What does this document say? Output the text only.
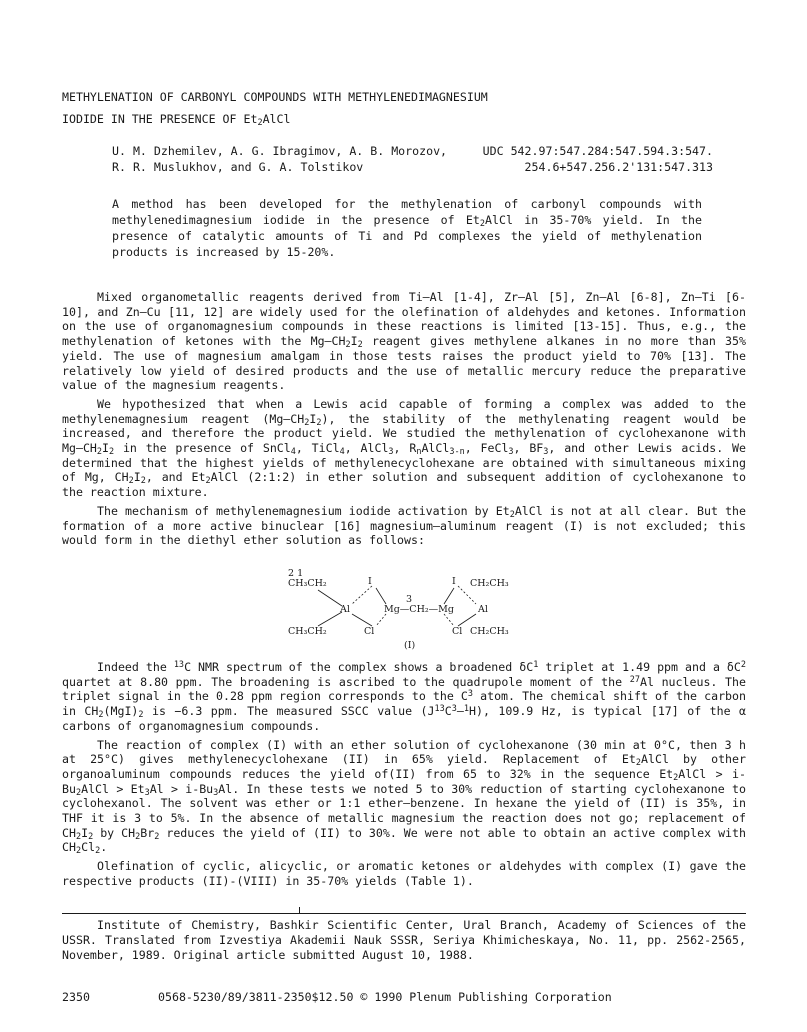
METHYLENATION OF CARBONYL COMPOUNDS WITH METHYLENEDIMAGNESIUM
IODIDE IN THE PRESENCE OF $Et_2AlCl$
U. M. Dzhemilev, A. G. Ibragimov, A. B. Morozov,
R. R. Muslukhov, and G. A. Tolstikov
UDC 542.97:547.284:547.594.3:547.
254.6+547.256.2'131:547.313
A method has been developed for the methylenation of carbonyl compounds with methylenedimagnesium iodide in the presence of $Et_2AlCl$ in 35-70% yield. In the presence of catalytic amounts of Ti and Pd complexes the yield of methylenation products is increased by 15-20%.

Mixed organometallic reagents derived from Ti–Al [1-4], Zr–Al [5], Zn–Al [6-8], Zn–Ti [6-10], and Zn–Cu [11, 12] are widely used for the olefination of aldehydes and ketones. Information on the use of organomagnesium compounds in these reactions is limited [13-15]. Thus, e.g., the methylenation of ketones with the $Mg-CH_2I_2$ reagent gives methylene alkanes in no more than 35% yield. The use of magnesium amalgam in those tests raises the product yield to 70% [13]. The relatively low yield of desired products and the use of metallic mercury reduce the preparative value of the magnesium reagents.

We hypothesized that when a Lewis acid capable of forming a complex was added to the methylenemagnesium reagent $(Mg-CH_2I_2)$, the stability of the methylenating reagent would be increased, and therefore the product yield. We studied the methylenation of cyclohexanone with $Mg-CH_2I_2$ in the presence of SnCl$_4$, TiCl$_4$, AlCl$_3$, $R_nAlCl_{3-n}$, FeCl$_3$, $BF_3$, and other Lewis acids. We determined that the highest yields of methylenecyclohexane are obtained with simultaneous mixing of Mg, $CH_2I_2$, and $Et_2AlCl$ (2:1:2) in ether solution and subsequent addition of cyclohexanone to the reaction mixture.

The mechanism of methylenemagnesium iodide activation by $Et_2AlCl$ is not at all clear. But the formation of a more active binuclear [16] magnesium–aluminum reagent (I) is not excluded; this would form in the diethyl ether solution as follows:

2 1
CH₃CH₂	I	I CH₂CH₃
3
Al	Mg—CH₂—Mg	Al
CH₃CH₂	Cl	Cl CH₂CH₃
(I)

Indeed the $^{13}$C NMR spectrum of the complex shows a broadened $\delta C^1$ triplet at 1.49 ppm and a $\delta C^2$ quartet at 8.80 ppm. The broadening is ascribed to the quadrupole moment of the $^{27}$Al nucleus. The triplet signal in the 0.28 ppm region corresponds to the $C^3$ atom. The chemical shift of the carbon in $CH_2(MgI)_2$ is −6.3 ppm. The measured SSCC value $(J^{13}C^3-^1H)$, 109.9 Hz, is typical [17] of the α carbons of organomagnesium compounds.

The reaction of complex (I) with an ether solution of cyclohexanone (30 min at 0°C, then 3 h at 25°C) gives methylenecyclohexane (II) in 65% yield. Replacement of $Et_2AlCl$ by other organoaluminum compounds reduces the yield of(II) from 65 to 32% in the sequence $Et_2AlCl$ > $i-Bu_2AlCl > Et_3Al > i-Bu_3Al$. In these tests we noted 5 to 30% reduction of starting cyclohexanone to cyclohexanol. The solvent was ether or 1:1 ether–benzene. In hexane the yield of (II) is 35%, in THF it is 3 to 5%. In the absence of metallic magnesium the reaction does not go; replacement of $CH_2I_2$ by $CH_2Br_2$ reduces the yield of (II) to 30%. We were not able to obtain an active complex with $CH_2Cl_2$.

Olefination of cyclic, alicyclic, or aromatic ketones or aldehydes with complex (I) gave the respective products (II)-(VIII) in 35-70% yields (Table 1).

Institute of Chemistry, Bashkir Scientific Center, Ural Branch, Academy of Sciences of the USSR. Translated from Izvestiya Akademii Nauk SSSR, Seriya Khimicheskaya, No. 11, pp. 2562-2565, November, 1989. Original article submitted August 10, 1988.
2350	0568-5230/89/3811-2350$12.50 © 1990 Plenum Publishing Corporation
